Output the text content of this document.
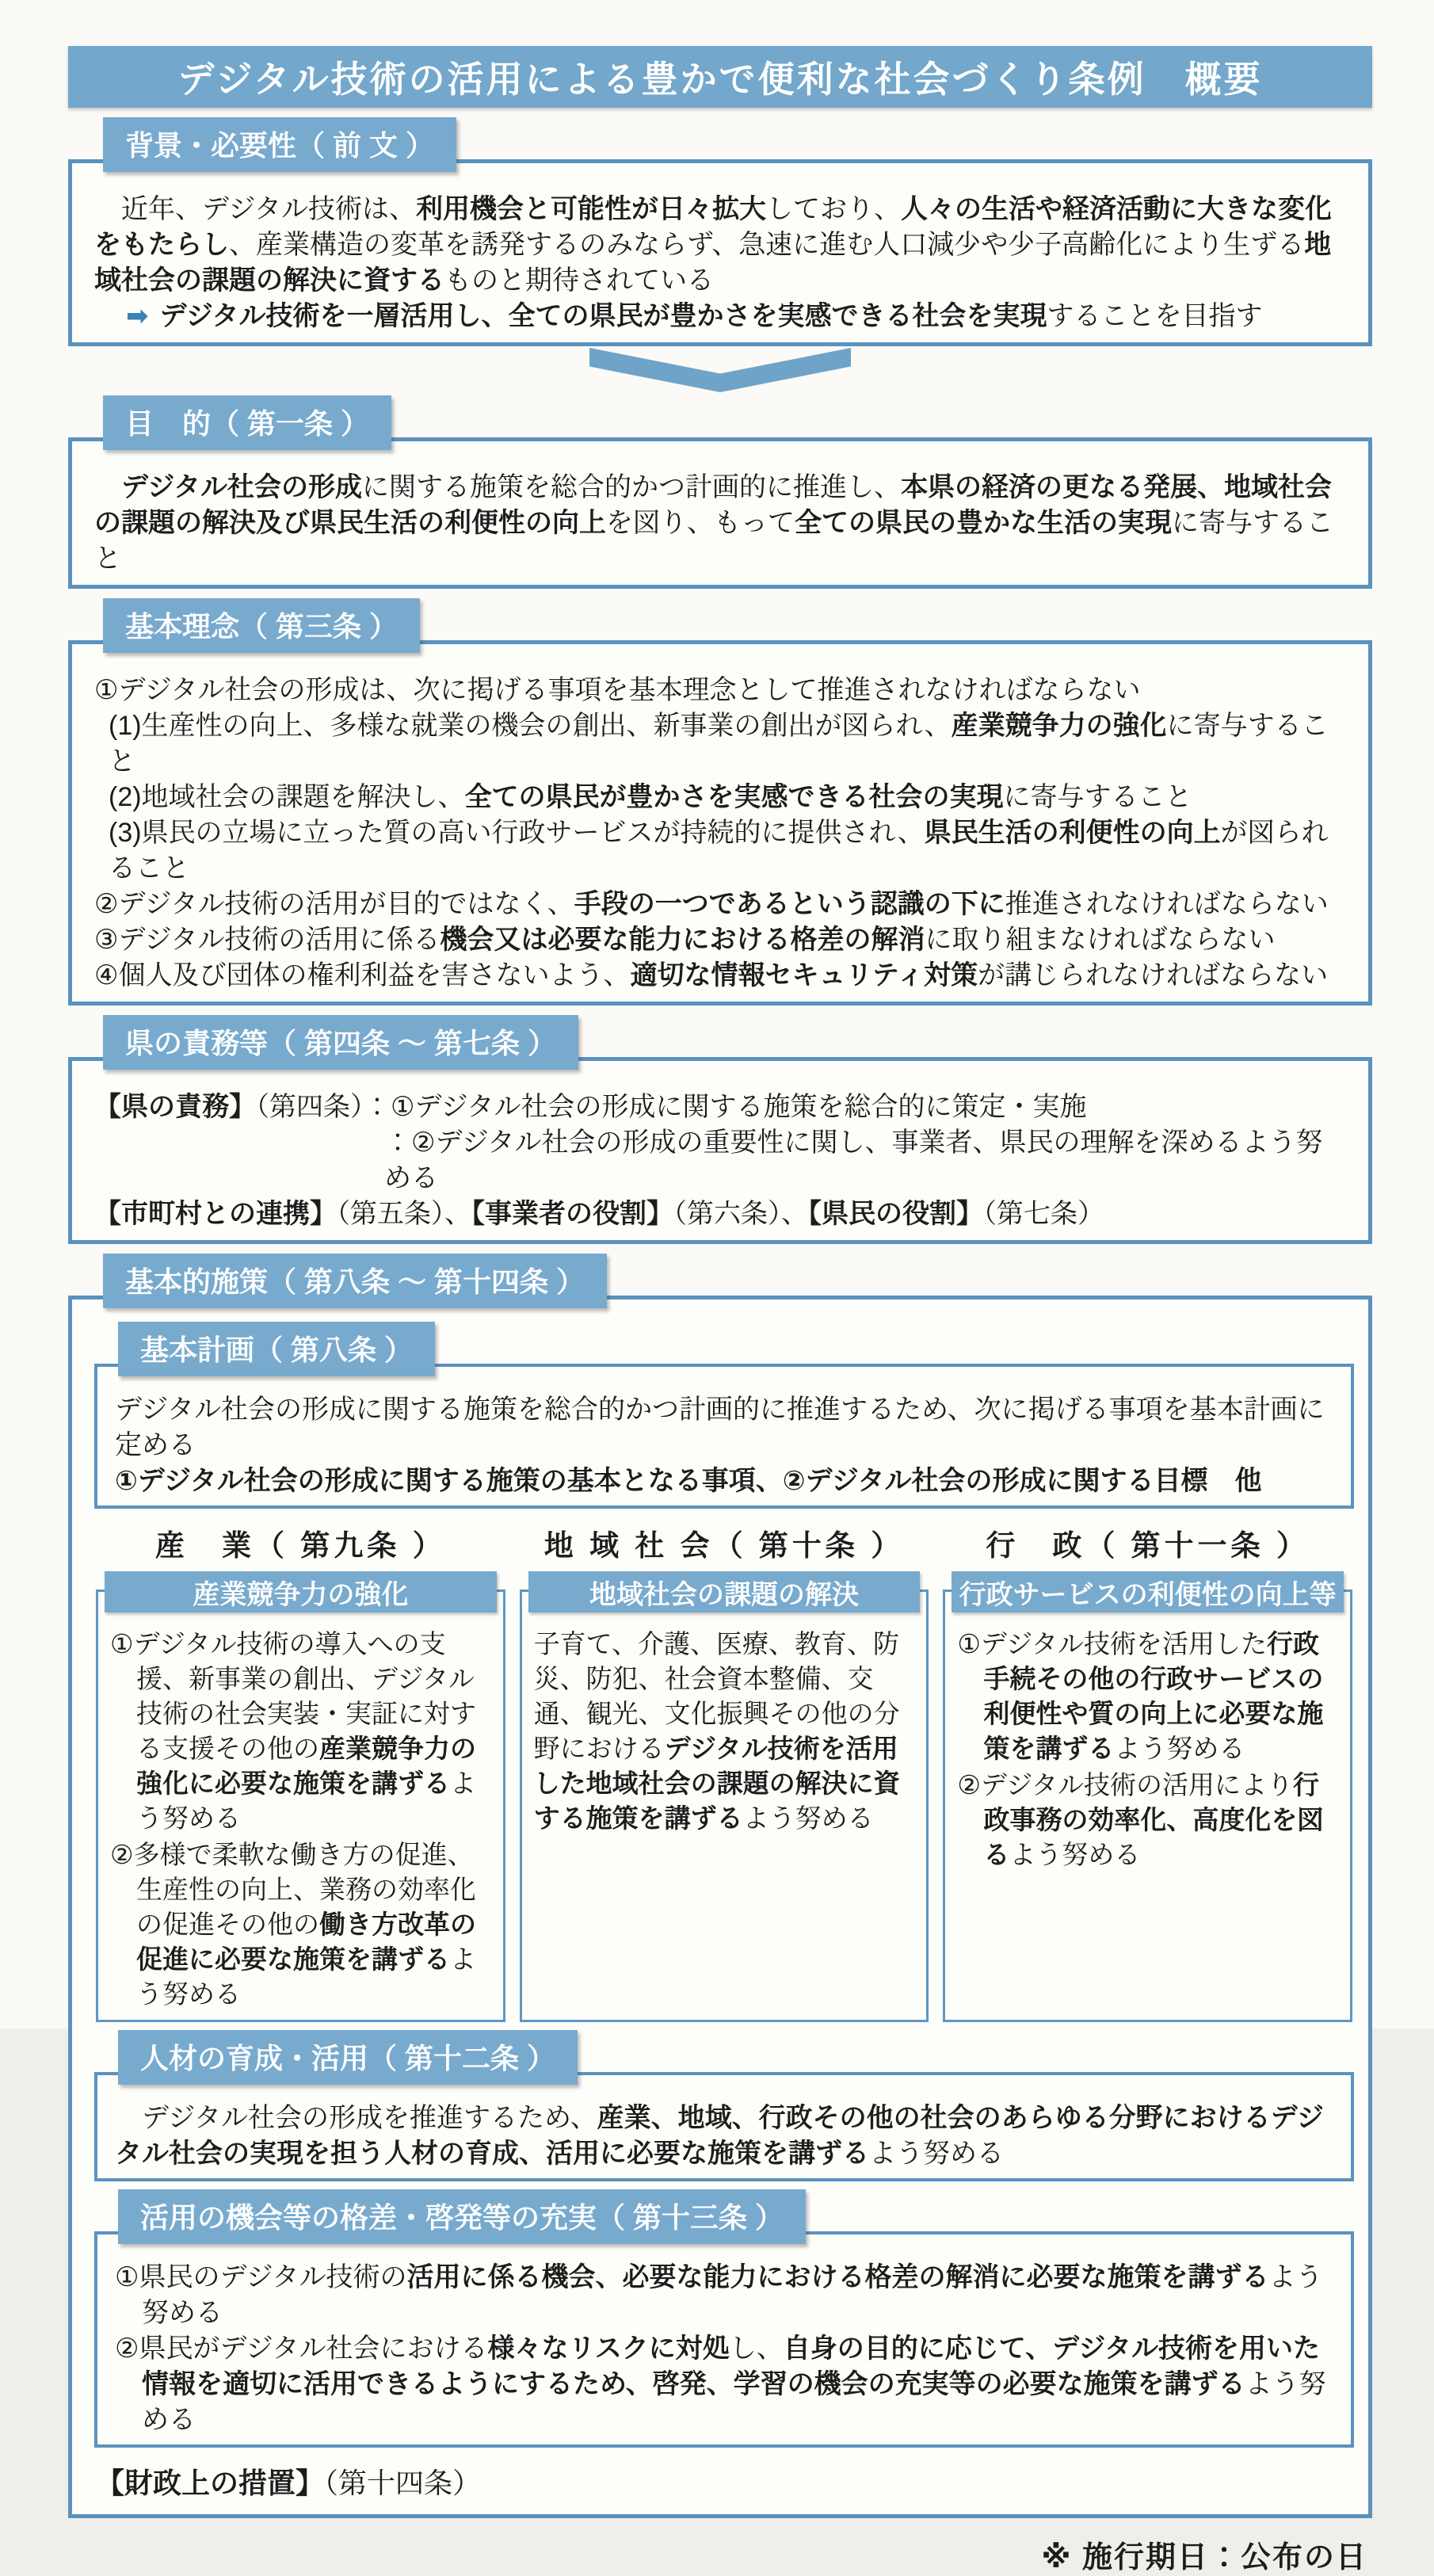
デジタル技術の活用による豊かで便利な社会づくり条例　概要
背景・必要性（ 前 文 ）

　近年、デジタル技術は、利用機会と可能性が日々拡大しており、人々の生活や経済活動に大きな変化をもたらし、産業構造の変革を誘発するのみならず、急速に進む人口減少や少子高齢化により生ずる地域社会の課題の解決に資するものと期待されている

➡ デジタル技術を一層活用し、全ての県民が豊かさを実感できる社会を実現することを目指す

目　的（ 第一条 ）

　デジタル社会の形成に関する施策を総合的かつ計画的に推進し、本県の経済の更なる発展、地域社会の課題の解決及び県民生活の利便性の向上を図り、もって全ての県民の豊かな生活の実現に寄与すること

基本理念（ 第三条 ）

①デジタル社会の形成は、次に掲げる事項を基本理念として推進されなければならない

(1)生産性の向上、多様な就業の機会の創出、新事業の創出が図られ、産業競争力の強化に寄与すること

(2)地域社会の課題を解決し、全ての県民が豊かさを実感できる社会の実現に寄与すること

(3)県民の立場に立った質の高い行政サービスが持続的に提供され、県民生活の利便性の向上が図られること

②デジタル技術の活用が目的ではなく、手段の一つであるという認識の下に推進されなければならない

③デジタル技術の活用に係る機会又は必要な能力における格差の解消に取り組まなければならない

④個人及び団体の権利利益を害さないよう、適切な情報セキュリティ対策が講じられなければならない

県の責務等（ 第四条 ～ 第七条 ）

【県の責務】（第四条）：①デジタル社会の形成に関する施策を総合的に策定・実施

：②デジタル社会の形成の重要性に関し、事業者、県民の理解を深めるよう努める

【市町村との連携】（第五条）、【事業者の役割】（第六条）、【県民の役割】（第七条）

基本的施策（ 第八条 ～ 第十四条 ）
基本計画（ 第八条 ）

デジタル社会の形成に関する施策を総合的かつ計画的に推進するため、次に掲げる事項を基本計画に定める

①デジタル社会の形成に関する施策の基本となる事項、②デジタル社会の形成に関する目標　他

産　業（ 第九条 ）

産業競争力の強化

①デジタル技術の導入への支援、新事業の創出、デジタル技術の社会実装・実証に対する支援その他の産業競争力の強化に必要な施策を講ずるよう努める

②多様で柔軟な働き方の促進、生産性の向上、業務の効率化の促進その他の働き方改革の促進に必要な施策を講ずるよう努める

地 域 社 会（ 第十条 ）

地域社会の課題の解決

子育て、介護、医療、教育、防災、防犯、社会資本整備、交通、観光、文化振興その他の分野におけるデジタル技術を活用した地域社会の課題の解決に資する施策を講ずるよう努める

行　政（ 第十一条 ）

行政サービスの利便性の向上等

①デジタル技術を活用した行政手続その他の行政サービスの利便性や質の向上に必要な施策を講ずるよう努める

②デジタル技術の活用により行政事務の効率化、高度化を図るよう努める

人材の育成・活用（ 第十二条 ）

　デジタル社会の形成を推進するため、産業、地域、行政その他の社会のあらゆる分野におけるデジタル社会の実現を担う人材の育成、活用に必要な施策を講ずるよう努める

活用の機会等の格差・啓発等の充実（ 第十三条 ）

①県民のデジタル技術の活用に係る機会、必要な能力における格差の解消に必要な施策を講ずるよう努める

②県民がデジタル社会における様々なリスクに対処し、自身の目的に応じて、デジタル技術を用いた情報を適切に活用できるようにするため、啓発、学習の機会の充実等の必要な施策を講ずるよう努める

【財政上の措置】（第十四条）

※ 施行期日：公布の日
